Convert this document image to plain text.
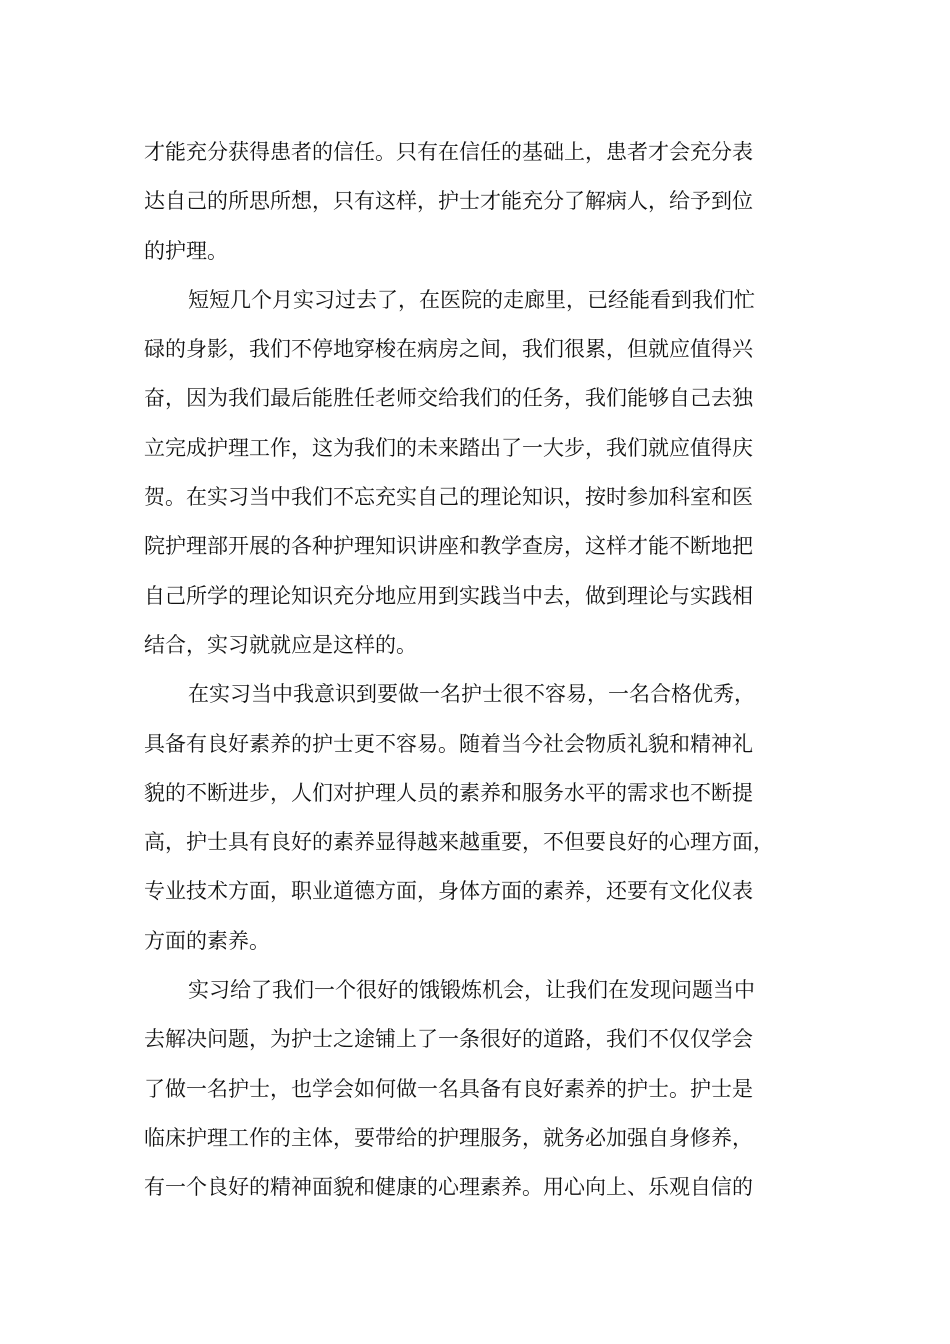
才能充分获得患者的信任。只有在信任的基础上，患者才会充分表
达自己的所思所想，只有这样，护士才能充分了解病人，给予到位
的护理。
短短几个月实习过去了，在医院的走廊里，已经能看到我们忙
碌的身影，我们不停地穿梭在病房之间，我们很累，但就应值得兴
奋，因为我们最后能胜任老师交给我们的任务，我们能够自己去独
立完成护理工作，这为我们的未来踏出了一大步，我们就应值得庆
贺。在实习当中我们不忘充实自己的理论知识，按时参加科室和医
院护理部开展的各种护理知识讲座和教学查房，这样才能不断地把
自己所学的理论知识充分地应用到实践当中去，做到理论与实践相
结合，实习就就应是这样的。
在实习当中我意识到要做一名护士很不容易，一名合格优秀，
具备有良好素养的护士更不容易。随着当今社会物质礼貌和精神礼
貌的不断进步，人们对护理人员的素养和服务水平的需求也不断提
高，护士具有良好的素养显得越来越重要，不但要良好的心理方面，
专业技术方面，职业道德方面，身体方面的素养，还要有文化仪表
方面的素养。
实习给了我们一个很好的饿锻炼机会，让我们在发现问题当中
去解决问题，为护士之途铺上了一条很好的道路，我们不仅仅学会
了做一名护士，也学会如何做一名具备有良好素养的护士。护士是
临床护理工作的主体，要带给的护理服务，就务必加强自身修养，
有一个良好的精神面貌和健康的心理素养。用心向上、乐观自信的
